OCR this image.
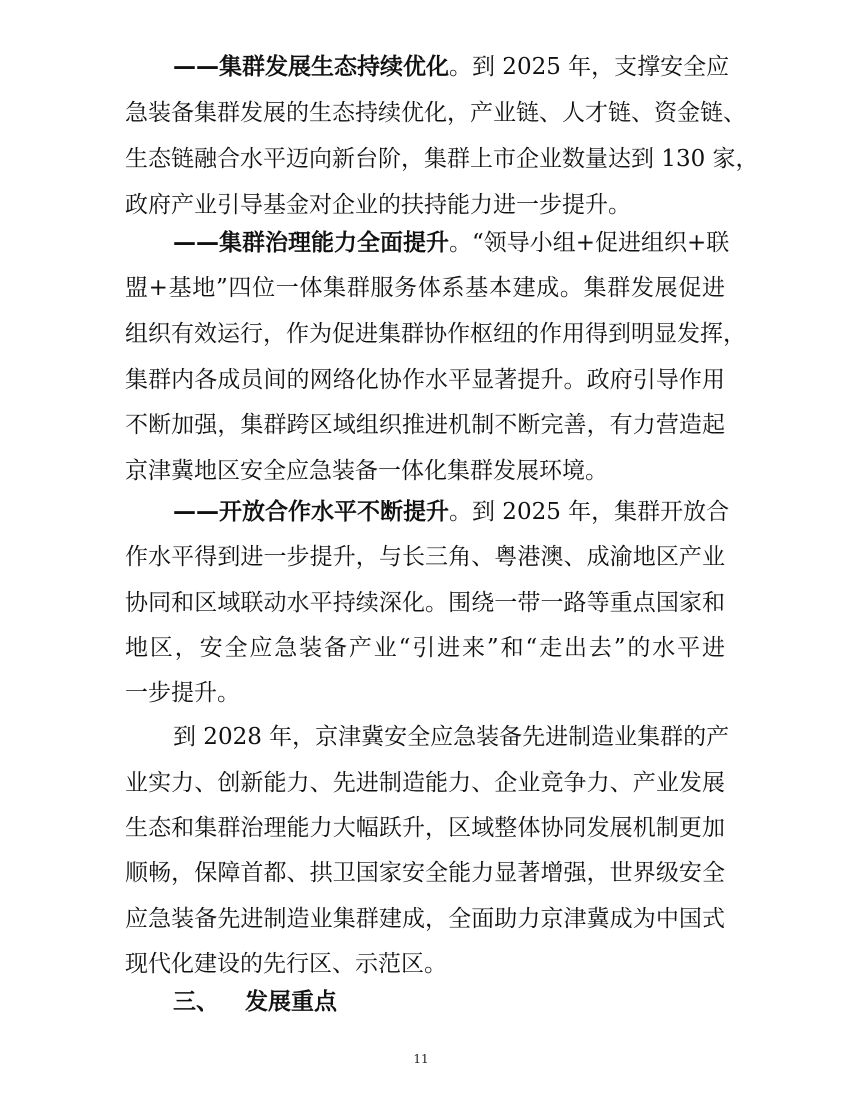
——集群发展生态持续优化。到 2025 年，支撑安全应
急装备集群发展的生态持续优化，产业链、人才链、资金链、
生态链融合水平迈向新台阶，集群上市企业数量达到 130 家，
政府产业引导基金对企业的扶持能力进一步提升。
——集群治理能力全面提升。“领导小组+促进组织+联
盟+基地”四位一体集群服务体系基本建成。集群发展促进
组织有效运行，作为促进集群协作枢纽的作用得到明显发挥，
集群内各成员间的网络化协作水平显著提升。政府引导作用
不断加强，集群跨区域组织推进机制不断完善，有力营造起
京津冀地区安全应急装备一体化集群发展环境。
——开放合作水平不断提升。到 2025 年，集群开放合
作水平得到进一步提升，与长三角、粤港澳、成渝地区产业
协同和区域联动水平持续深化。围绕一带一路等重点国家和
地区，安全应急装备产业“引进来”和“走出去”的水平进
一步提升。
到 2028 年，京津冀安全应急装备先进制造业集群的产
业实力、创新能力、先进制造能力、企业竞争力、产业发展
生态和集群治理能力大幅跃升，区域整体协同发展机制更加
顺畅，保障首都、拱卫国家安全能力显著增强，世界级安全
应急装备先进制造业集群建成，全面助力京津冀成为中国式
现代化建设的先行区、示范区。
三、 发展重点
11
